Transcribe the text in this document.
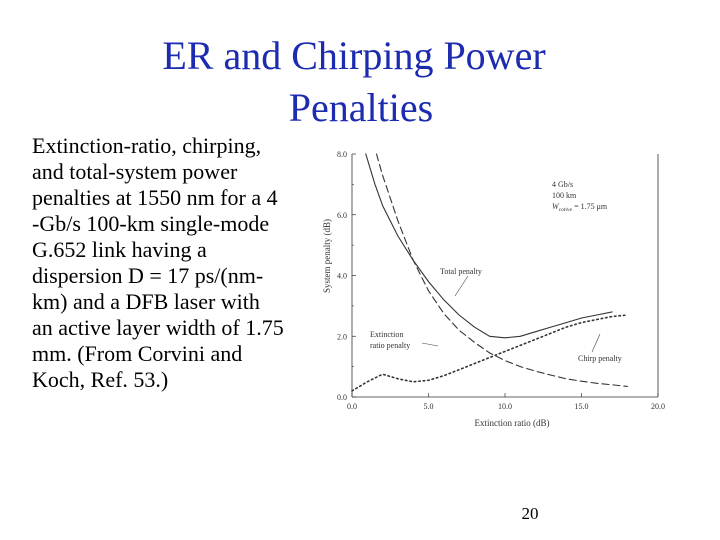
ER and Chirping Power
Penalties

Extinction-ratio, chirping,

and total-system power

penalties at 1550 nm for a 4

-Gb/s 100-km single-mode

G.652 link having a

dispersion D = 17 ps/(nm-

km) and a DFB laser with

an active layer width of 1.75

mm. (From Corvini and

Koch, Ref. 53.)

0.0
2.0
4.0
6.0
8.0
0.0	5.0	10.0	15.0	20.0
System penalty (dB)
Extinction ratio (dB)
4 Gb/s
100 km
$W_{cotive} = 1.75$ μm
Total penalty
Extinction
ratio penalty
Chirp penalty
20
